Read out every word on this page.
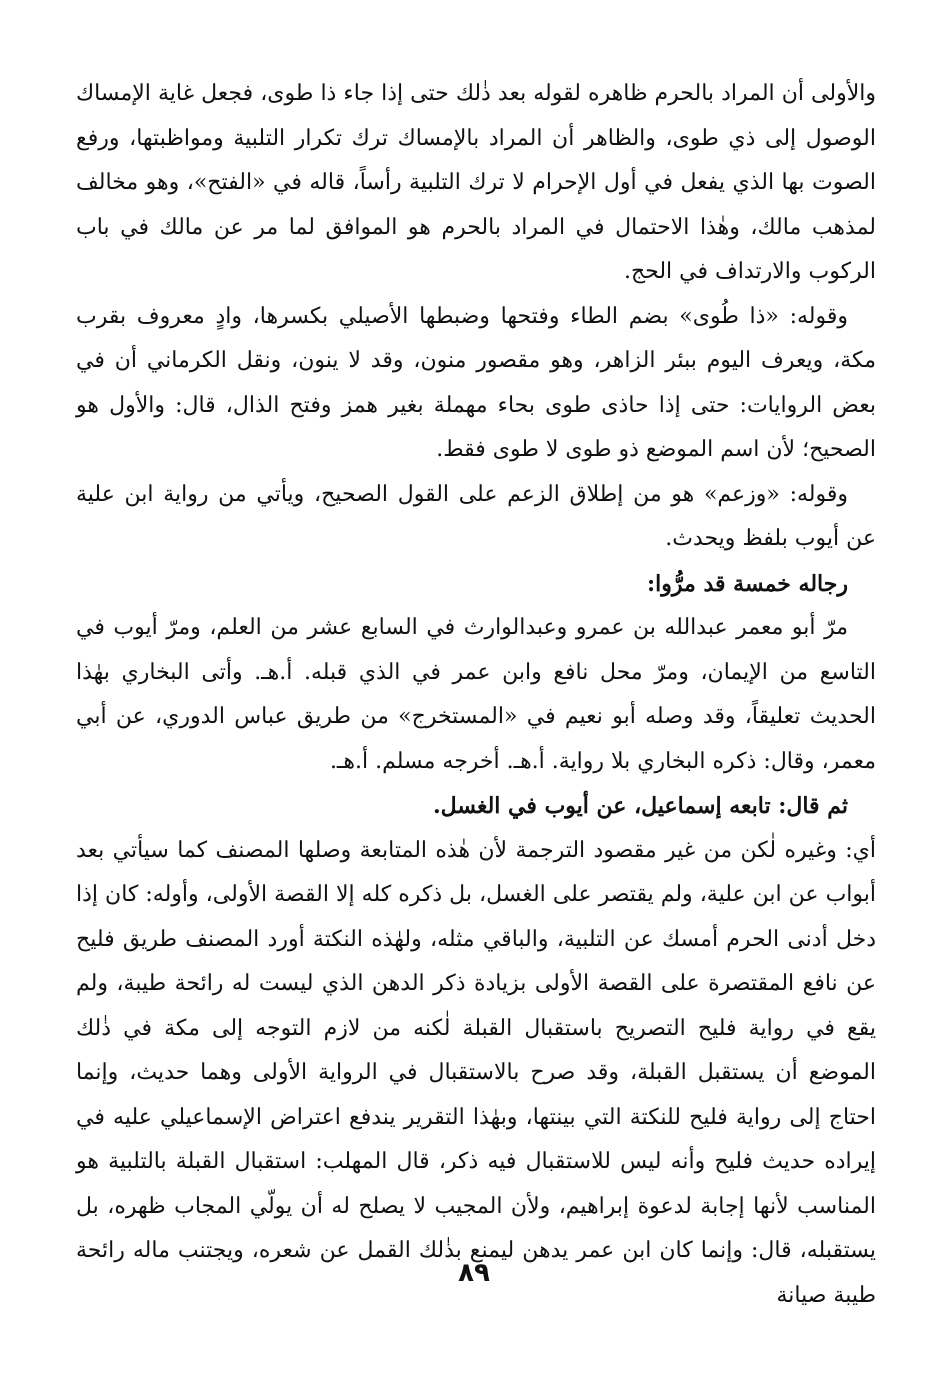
والأولى أن المراد بالحرم ظاهره لقوله بعد ذٰلك حتى إذا جاء ذا طوى، فجعل غاية الإمساك الوصول إلى ذي طوى، والظاهر أن المراد بالإمساك ترك تكرار التلبية ومواظبتها، ورفع الصوت بها الذي يفعل في أول الإحرام لا ترك التلبية رأساً، قاله في «الفتح»، وهو مخالف لمذهب مالك، وهٰذا الاحتمال في المراد بالحرم هو الموافق لما مر عن مالك في باب الركوب والارتداف في الحج.

وقوله: «ذا طُوى» بضم الطاء وفتحها وضبطها الأصيلي بكسرها، وادٍ معروف بقرب مكة، ويعرف اليوم ببئر الزاهر، وهو مقصور منون، وقد لا ينون، ونقل الكرماني أن في بعض الروايات: حتى إذا حاذى طوى بحاء مهملة بغير همز وفتح الذال، قال: والأول هو الصحيح؛ لأن اسم الموضع ذو طوى لا طوى فقط.

وقوله: «وزعم» هو من إطلاق الزعم على القول الصحيح، ويأتي من رواية ابن علية عن أيوب بلفظ ويحدث.

رجاله خمسة قد مرُّوا:

مرّ أبو معمر عبدالله بن عمرو وعبدالوارث في السابع عشر من العلم، ومرّ أيوب في التاسع من الإيمان، ومرّ محل نافع وابن عمر في الذي قبله. أ.هـ. وأتى البخاري بهٰذا الحديث تعليقاً، وقد وصله أبو نعيم في «المستخرج» من طريق عباس الدوري، عن أبي معمر، وقال: ذكره البخاري بلا رواية. أ.هـ. أخرجه مسلم. أ.هـ.

ثم قال: تابعه إسماعيل، عن أيوب في الغسل.

أي: وغيره لٰكن من غير مقصود الترجمة لأن هٰذه المتابعة وصلها المصنف كما سيأتي بعد أبواب عن ابن علية، ولم يقتصر على الغسل، بل ذكره كله إلا القصة الأولى، وأوله: كان إذا دخل أدنى الحرم أمسك عن التلبية، والباقي مثله، ولهٰذه النكتة أورد المصنف طريق فليح عن نافع المقتصرة على القصة الأولى بزيادة ذكر الدهن الذي ليست له رائحة طيبة، ولم يقع في رواية فليح التصريح باستقبال القبلة لٰكنه من لازم التوجه إلى مكة في ذٰلك الموضع أن يستقبل القبلة، وقد صرح بالاستقبال في الرواية الأولى وهما حديث، وإنما احتاج إلى رواية فليح للنكتة التي بينتها، وبهٰذا التقرير يندفع اعتراض الإسماعيلي عليه في إيراده حديث فليح وأنه ليس للاستقبال فيه ذكر، قال المهلب: استقبال القبلة بالتلبية هو المناسب لأنها إجابة لدعوة إبراهيم، ولأن المجيب لا يصلح له أن يولّي المجاب ظهره، بل يستقبله، قال: وإنما كان ابن عمر يدهن ليمنع بذٰلك القمل عن شعره، ويجتنب ماله رائحة طيبة صيانة

٨٩
